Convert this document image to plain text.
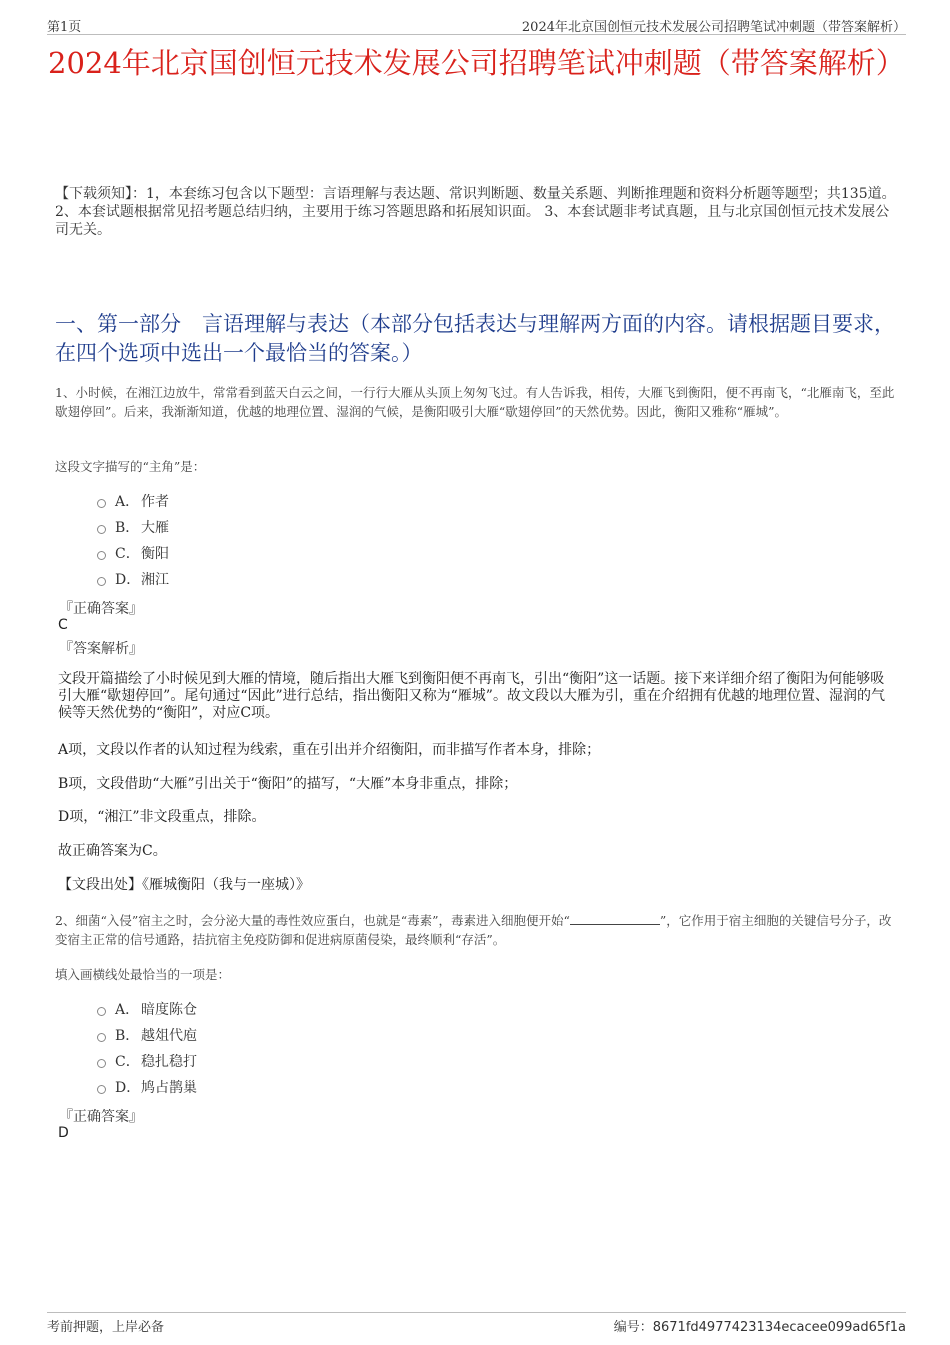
第1页	2024年北京国创恒元技术发展公司招聘笔试冲刺题（带答案解析）
2024年北京国创恒元技术发展公司招聘笔试冲刺题（带答案解析）
【下载须知】：1，本套练习包含以下题型：言语理解与表达题、常识判断题、数量关系题、判断推理题和资料分析题等题型；共135道。 2、本套试题根据常见招考题总结归纳，主要用于练习答题思路和拓展知识面。 3、本套试题非考试真题，且与北京国创恒元技术发展公司无关。
一、第一部分　言语理解与表达（本部分包括表达与理解两方面的内容。请根据题目要求，在四个选项中选出一个最恰当的答案。）
1、小时候，在湘江边放牛，常常看到蓝天白云之间，一行行大雁从头顶上匆匆飞过。有人告诉我，相传，大雁飞到衡阳，便不再南飞，“北雁南飞，至此歇翅停回”。后来，我渐渐知道，优越的地理位置、湿润的气候，是衡阳吸引大雁“歇翅停回”的天然优势。因此，衡阳又雅称“雁城”。
这段文字描写的“主角”是：
A． 作者
B． 大雁
C． 衡阳
D． 湘江
『正确答案』
C
『答案解析』
文段开篇描绘了小时候见到大雁的情境，随后指出大雁飞到衡阳便不再南飞，引出“衡阳”这一话题。接下来详细介绍了衡阳为何能够吸引大雁“歇翅停回”。尾句通过“因此”进行总结，指出衡阳又称为“雁城”。故文段以大雁为引，重在介绍拥有优越的地理位置、湿润的气候等天然优势的“衡阳”，对应C项。
A项，文段以作者的认知过程为线索，重在引出并介绍衡阳，而非描写作者本身，排除；
B项，文段借助“大雁”引出关于“衡阳”的描写，“大雁”本身非重点，排除；
D项，“湘江”非文段重点，排除。
故正确答案为C。
【文段出处】《雁城衡阳（我与一座城）》
2、细菌“入侵”宿主之时，会分泌大量的毒性效应蛋白，也就是“毒素”，毒素进入细胞便开始“	”，它作用于宿主细胞的关键信号分子，改变宿主正常的信号通路，拮抗宿主免疫防御和促进病原菌侵染，最终顺利“存活”。
填入画横线处最恰当的一项是：
A． 暗度陈仓
B． 越俎代庖
C． 稳扎稳打
D． 鸠占鹊巢
『正确答案』
D
考前押题，上岸必备	编号：8671fd4977423134ecacee099ad65f1a
